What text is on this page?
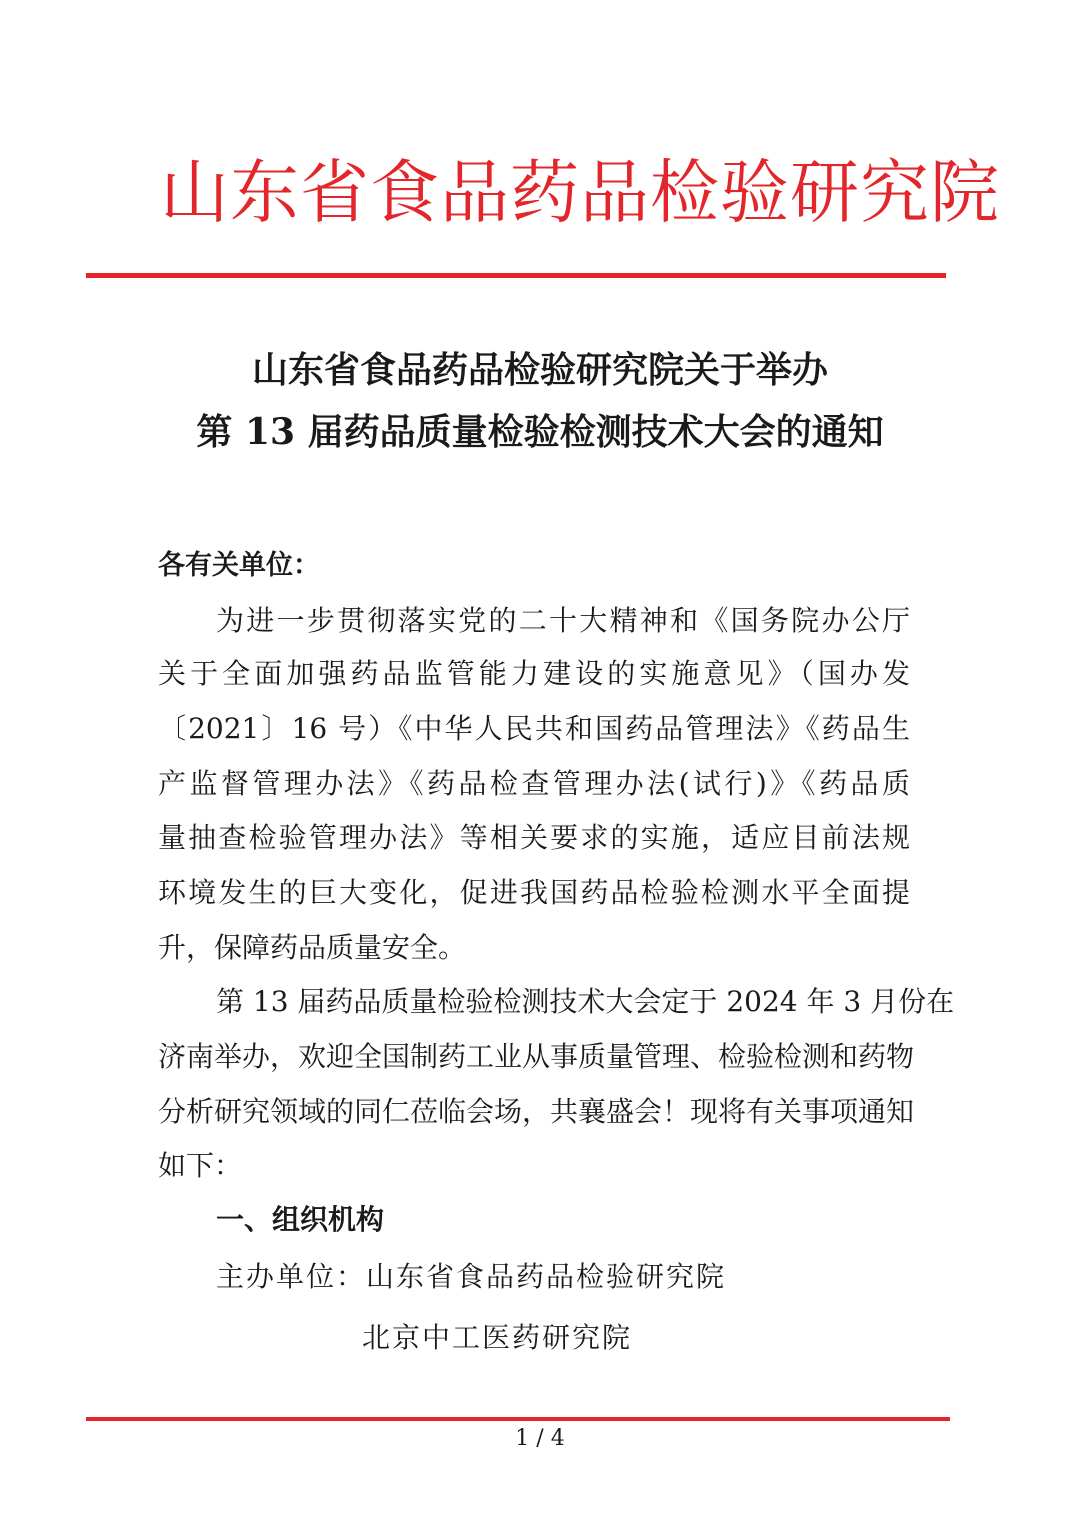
山东省食品药品检验研究院
山东省食品药品检验研究院关于举办
第 13 届药品质量检验检测技术大会的通知
各有关单位：
为进一步贯彻落实党的二十大精神和《国务院办公厅
关于全面加强药品监管能力建设的实施意见》（国办发
〔2021〕16 号）《中华人民共和国药品管理法》《药品生
产监督管理办法》《药品检查管理办法(试行)》《药品质
量抽查检验管理办法》等相关要求的实施，适应目前法规
环境发生的巨大变化，促进我国药品检验检测水平全面提
升，保障药品质量安全。
第 13 届药品质量检验检测技术大会定于 2024 年 3 月份在
济南举办，欢迎全国制药工业从事质量管理、检验检测和药物
分析研究领域的同仁莅临会场，共襄盛会！现将有关事项通知
如下：
一、组织机构
主办单位：山东省食品药品检验研究院
北京中工医药研究院
1 / 4
